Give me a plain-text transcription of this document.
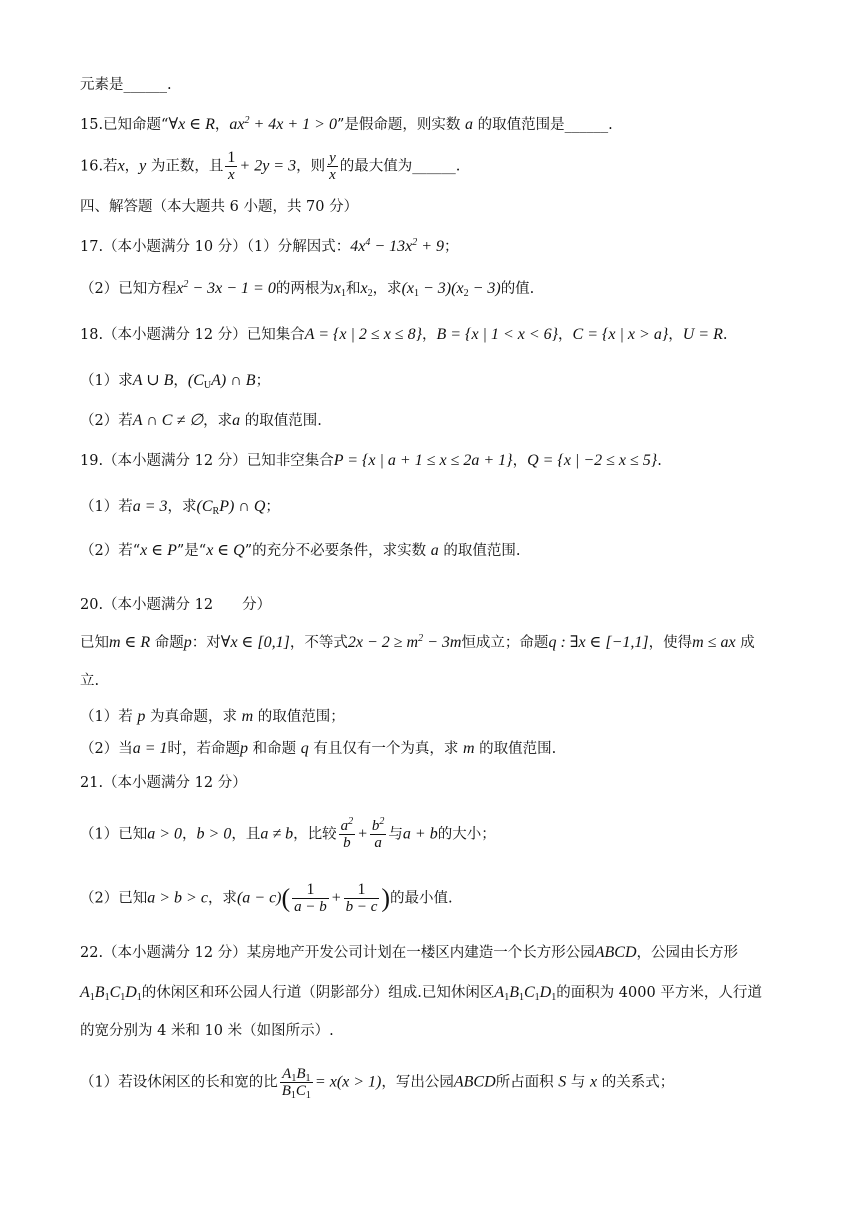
元素是______.
15.已知命题“∀x ∈ R，$ax^2 + 4x + 1 > 0$”是假命题，则实数 a 的取值范围是______.
16.若x，y 为正数，且 $\frac{1}{x} + 2y = 3$，则 $\frac{y}{x}$ 的最大值为______.
四、解答题（本大题共 6 小题，共 70 分）
17.（本小题满分 10 分）（1）分解因式：$4x^4 - 13x^2 + 9$；
（2）已知方程$x^2 - 3x - 1 = 0$的两根为$x_1$和$x_2$，求$(x_1 - 3)(x_2 - 3)$的值.
18.（本小题满分 12 分）已知集合A = {x | 2 ≤ x ≤ 8}，B = {x | 1 < x < 6}，C = {x | x > a}，U = R.
（1）求A ∪ B，$(C_UA)$ ∩ B；
（2）若A ∩ C ≠ ∅，求a 的取值范围.
19.（本小题满分 12 分）已知非空集合P = {x | a + 1 ≤ x ≤ 2a + 1}，Q = {x | −2 ≤ x ≤ 5}.
（1）若a = 3，求$(C_RP)$ ∩ Q；
（2）若“x ∈ P”是“x ∈ Q”的充分不必要条件，求实数 a 的取值范围.
20.（本小题满分 12　　分）
已知m ∈ R 命题p：对∀x ∈ [0,1]，不等式$2x - 2 \ge m^2 - 3m$恒成立；命题q : ∃x ∈ [−1,1]，使得m ≤ ax 成
立.
（1）若 p 为真命题，求 m 的取值范围；
（2）当a = 1时，若命题p 和命题 q 有且仅有一个为真，求 m 的取值范围.
21.（本小题满分 12 分）
（1）已知a > 0，b > 0，且a ≠ b，比较 $\frac{a^2}{b} + \frac{b^2}{a}$ 与a + b的大小；
（2）已知a > b > c，求$(a - c)( \frac{1}{a - b} + \frac{1}{b - c}$ )的最小值.
22.（本小题满分 12 分）某房地产开发公司计划在一楼区内建造一个长方形公园ABCD，公园由长方形
$A_1B_1C_1D_1$的休闲区和环公园人行道（阴影部分）组成.已知休闲区$A_1B_1C_1D_1$的面积为 4000 平方米，人行道
的宽分别为 4 米和 10 米（如图所示）.
（1）若设休闲区的长和宽的比 $\frac{A_1B_1}{B_1C_1} = x(x > 1)$，写出公园ABCD所占面积 S 与 x 的关系式；
